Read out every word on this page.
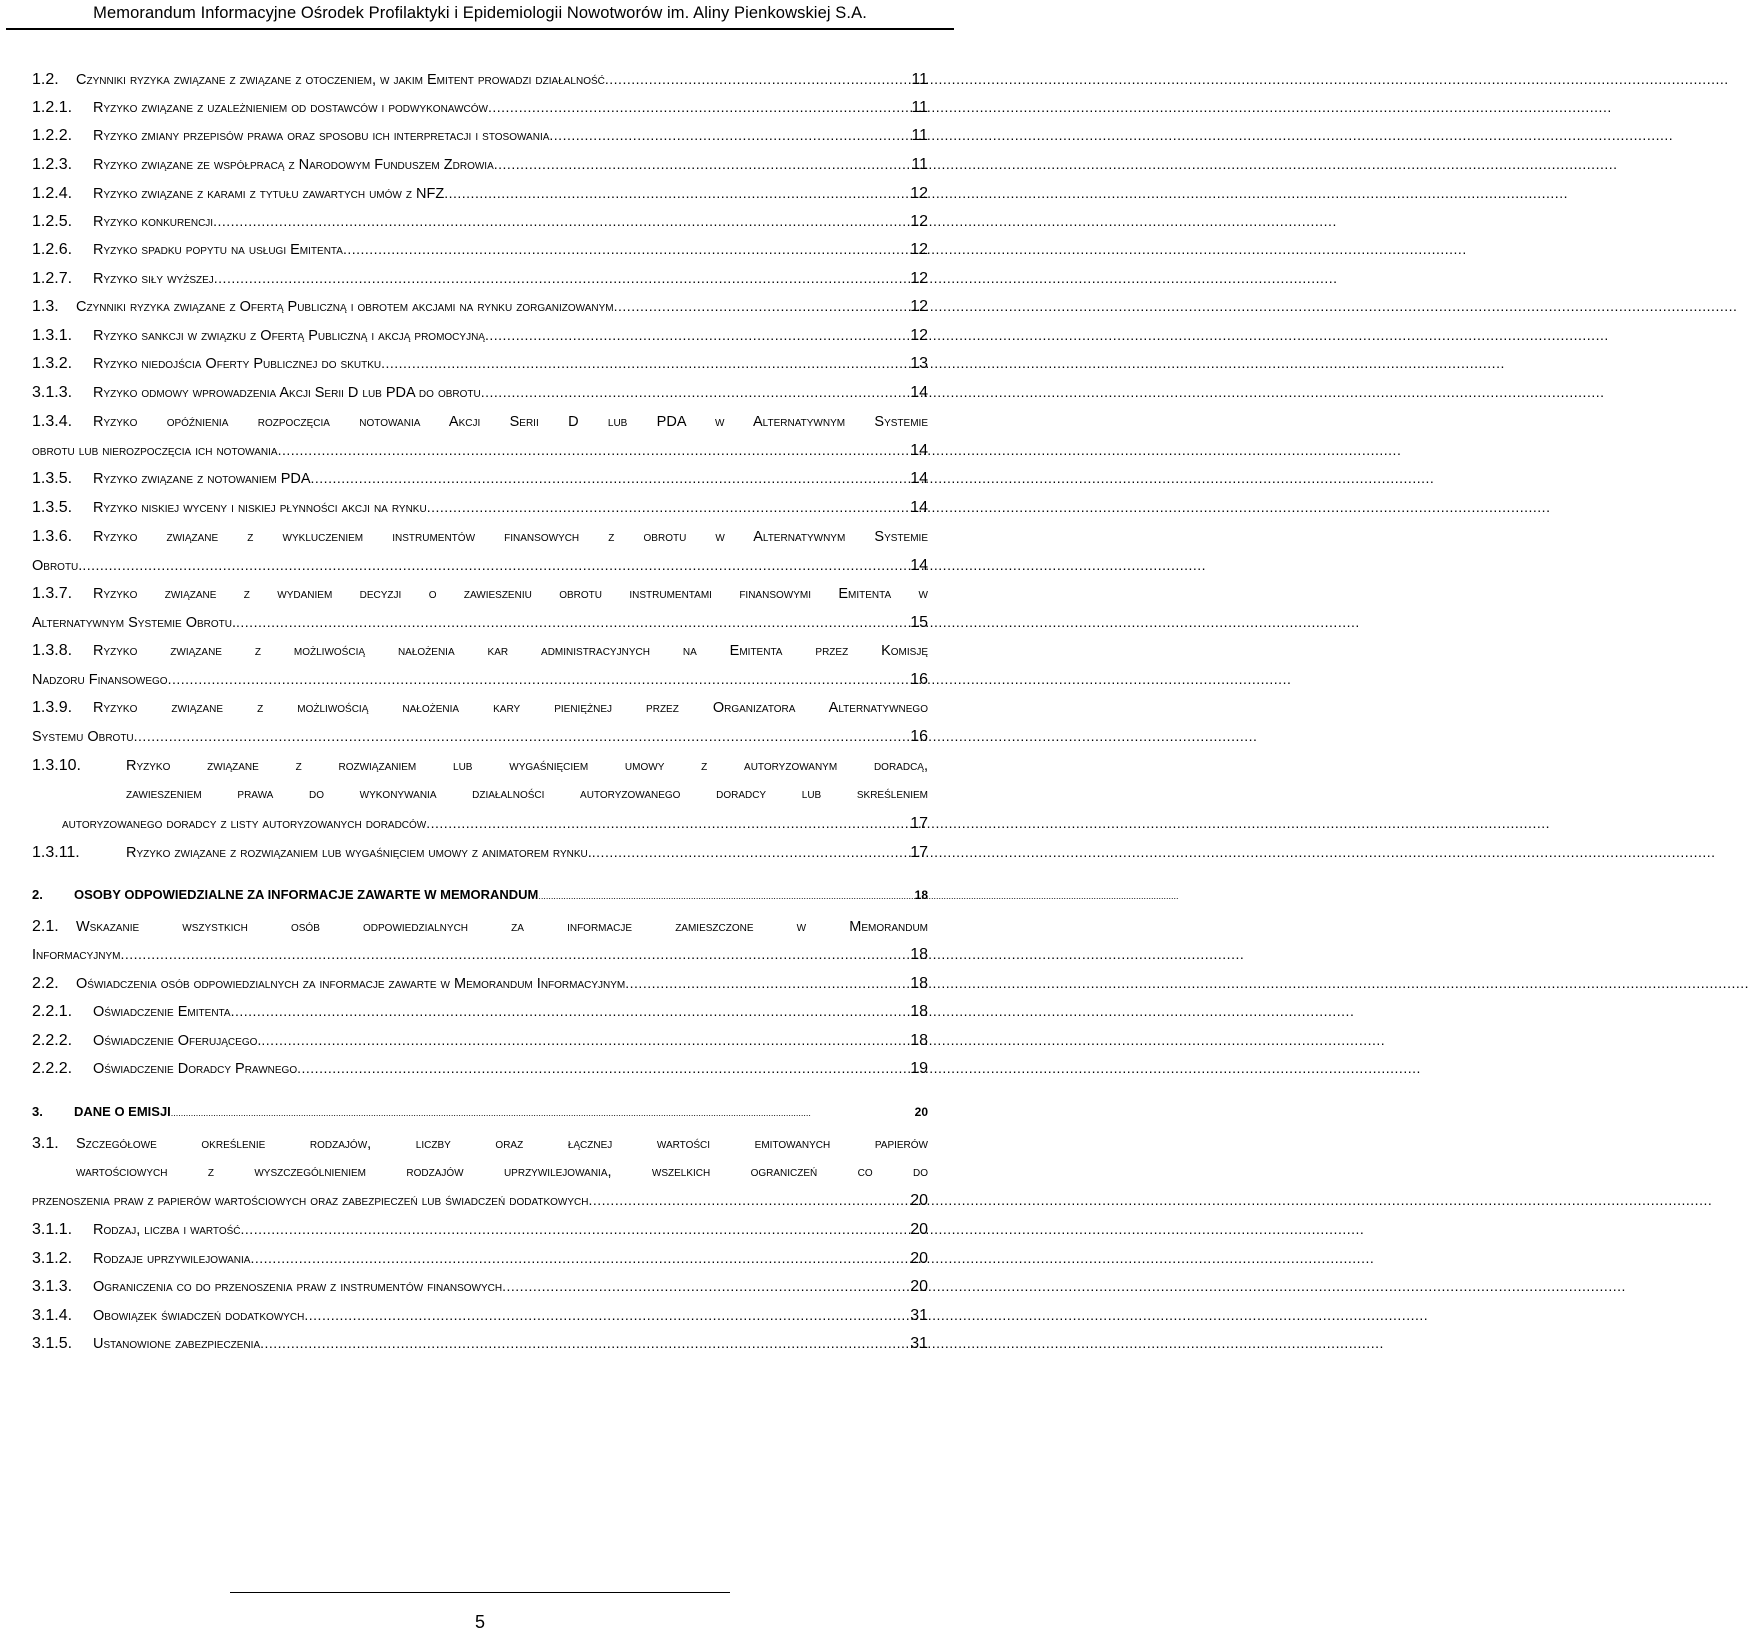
Memorandum Informacyjne Ośrodek Profilaktyki i Epidemiologii Nowotworów im. Aliny Pienkowskiej S.A.
1.2.	Czynniki ryzyka związane z związane z otoczeniem, w jakim Emitent prowadzi działalność .....	11
1.2.1.	Ryzyko związane z uzależnieniem od dostawców i podwykonawców .....	11
1.2.2.	Ryzyko zmiany przepisów prawa oraz sposobu ich interpretacji i stosowania .....	11
1.2.3.	Ryzyko związane ze współpracą z Narodowym Funduszem Zdrowia .....	11
1.2.4.	Ryzyko związane z karami z tytułu zawartych umów z NFZ .....	12
1.2.5.	Ryzyko konkurencji .....	12
1.2.6.	Ryzyko spadku popytu na usługi Emitenta .....	12
1.2.7.	Ryzyko siły wyższej .....	12
1.3.	Czynniki ryzyka związane z Ofertą Publiczną i obrotem akcjami na rynku zorganizowanym .....	12
1.3.1.	Ryzyko sankcji w związku z Ofertą Publiczną i akcją promocyjną .....	12
1.3.2.	Ryzyko niedojścia Oferty Publicznej do skutku .....	13
3.1.3.	Ryzyko odmowy wprowadzenia Akcji Serii D lub PDA do obrotu .....	14
1.3.4.	Ryzyko opóźnienia rozpoczęcia notowania Akcji Serii D lub PDA w Alternatywnym Systemie
obrotu lub nierozpoczęcia ich notowania .....	14
1.3.5.	Ryzyko związane z notowaniem PDA .....	14
1.3.5.	Ryzyko niskiej wyceny i niskiej płynności akcji na rynku .....	14
1.3.6.	Ryzyko związane z wykluczeniem instrumentów finansowych z obrotu w Alternatywnym Systemie
Obrotu. .....	14
1.3.7.	Ryzyko związane z wydaniem decyzji o zawieszeniu obrotu instrumentami finansowymi Emitenta w
Alternatywnym Systemie Obrotu. .....	15
1.3.8.	Ryzyko związane z możliwością nałożenia kar administracyjnych na Emitenta przez Komisję
Nadzoru Finansowego .....	16
1.3.9.	Ryzyko związane z możliwością nałożenia kary pieniężnej przez Organizatora Alternatywnego
Systemu Obrotu .....	16
1.3.10.	Ryzyko związane z rozwiązaniem lub wygaśnięciem umowy z autoryzowanym doradcą,
zawieszeniem prawa do wykonywania działalności autoryzowanego doradcy lub skreśleniem
autoryzowanego doradcy z listy autoryzowanych doradców .....	17
1.3.11.	Ryzyko związane z rozwiązaniem lub wygaśnięciem umowy z animatorem rynku. .....	17
2.	OSOBY ODPOWIEDZIALNE ZA INFORMACJE ZAWARTE W MEMORANDUM .....	18
2.1.	Wskazanie wszystkich osób odpowiedzialnych za informacje zamieszczone w Memorandum
Informacyjnym .....	18
2.2.	Oświadczenia osób odpowiedzialnych za informacje zawarte w Memorandum Informacyjnym .....	18
2.2.1.	Oświadczenie Emitenta .....	18
2.2.2.	Oświadczenie Oferującego. .....	18
2.2.2.	Oświadczenie Doradcy Prawnego .....	19
3.	DANE O EMISJI .....	20
3.1.	Szczegółowe określenie rodzajów, liczby oraz łącznej wartości emitowanych papierów
wartościowych z wyszczególnieniem rodzajów uprzywilejowania, wszelkich ograniczeń co do
przenoszenia praw z papierów wartościowych oraz zabezpieczeń lub świadczeń dodatkowych .....	20
3.1.1.	Rodzaj, liczba i wartość .....	20
3.1.2.	Rodzaje uprzywilejowania .....	20
3.1.3.	Ograniczenia co do przenoszenia praw z instrumentów finansowych .....	20
3.1.4.	Obowiązek świadczeń dodatkowych .....	31
3.1.5.	Ustanowione zabezpieczenia .....	31
5
